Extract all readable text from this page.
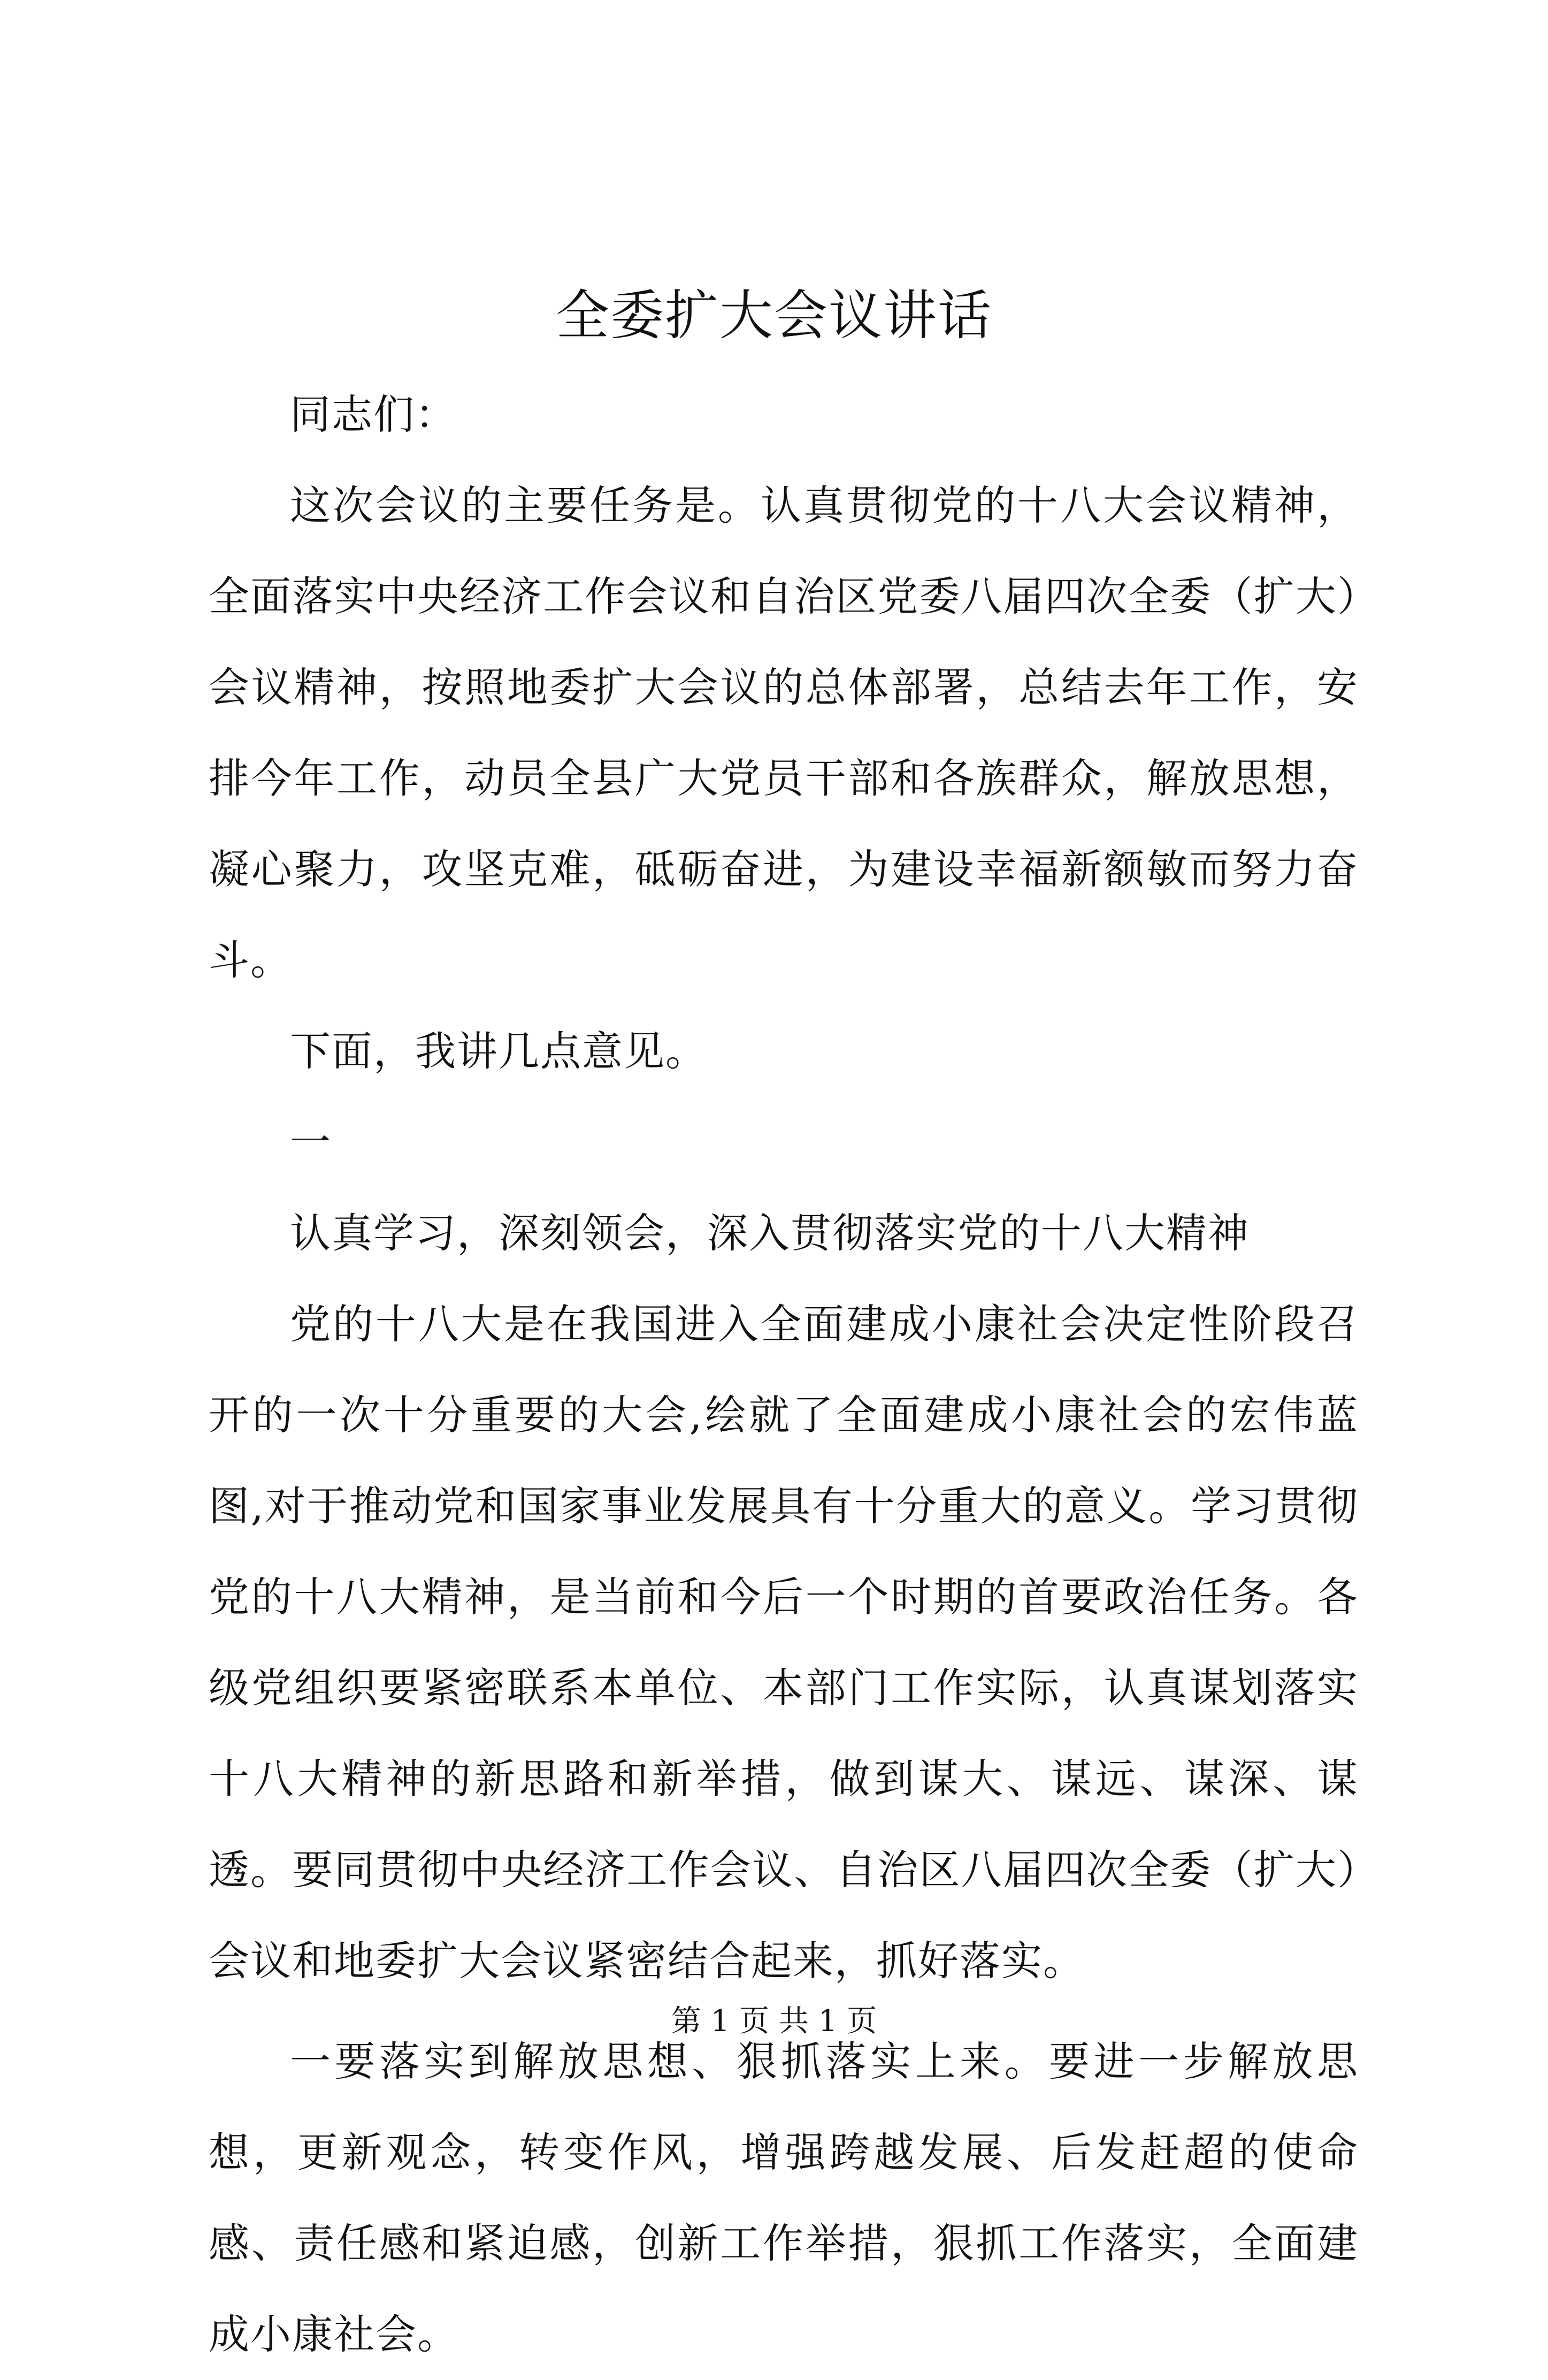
全委扩大会议讲话

同志们：

这次会议的主要任务是。认真贯彻党的十八大会议精神，全面落实中央经济工作会议和自治区党委八届四次全委（扩大）会议精神，按照地委扩大会议的总体部署，总结去年工作，安排今年工作，动员全县广大党员干部和各族群众，解放思想，凝心聚力，攻坚克难，砥砺奋进，为建设幸福新额敏而努力奋斗。

下面，我讲几点意见。

一

认真学习，深刻领会，深入贯彻落实党的十八大精神

党的十八大是在我国进入全面建成小康社会决定性阶段召开的一次十分重要的大会,绘就了全面建成小康社会的宏伟蓝图,对于推动党和国家事业发展具有十分重大的意义。学习贯彻党的十八大精神，是当前和今后一个时期的首要政治任务。各级党组织要紧密联系本单位、本部门工作实际，认真谋划落实十八大精神的新思路和新举措，做到谋大、谋远、谋深、谋透。要同贯彻中央经济工作会议、自治区八届四次全委（扩大）会议和地委扩大会议紧密结合起来，抓好落实。

一要落实到解放思想、狠抓落实上来。要进一步解放思想，更新观念，转变作风，增强跨越发展、后发赶超的使命感、责任感和紧迫感，创新工作举措，狠抓工作落实，全面建成小康社会。

第 1 页 共 1 页
